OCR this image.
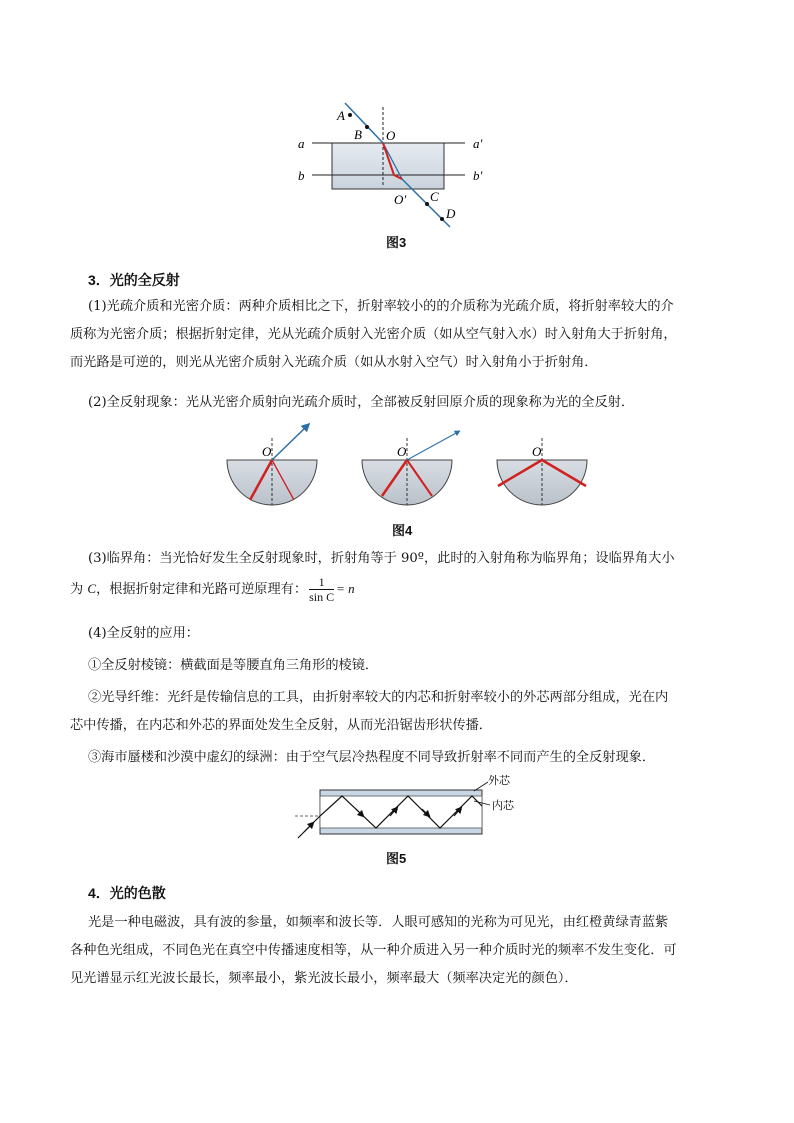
A
B O
a	a′
b	b′
O′ C
D
图3
3．光的全反射
(1)光疏介质和光密介质：两种介质相比之下，折射率较小的的介质称为光疏介质，将折射率较大的介
质称为光密介质；根据折射定律，光从光疏介质射入光密介质（如从空气射入水）时入射角大于折射角，
而光路是可逆的，则光从光密介质射入光疏介质（如从水射入空气）时入射角小于折射角．
(2)全反射现象：光从光密介质射向光疏介质时，全部被反射回原介质的现象称为光的全反射．
O	O	O
图4
(3)临界角：当光恰好发生全反射现象时，折射角等于 90º，此时的入射角称为临界角；设临界角大小
为 C，根据折射定律和光路可逆原理有： $\frac{1}{\text{sin C}} = n$
(4)全反射的应用：
①全反射棱镜：横截面是等腰直角三角形的棱镜．
②光导纤维：光纤是传输信息的工具，由折射率较大的内芯和折射率较小的外芯两部分组成，光在内
芯中传播，在内芯和外芯的界面处发生全反射，从而光沿锯齿形状传播．
③海市蜃楼和沙漠中虚幻的绿洲：由于空气层冷热程度不同导致折射率不同而产生的全反射现象．
外芯
内芯
图5
4．光的色散
光是一种电磁波，具有波的参量，如频率和波长等．人眼可感知的光称为可见光，由红橙黄绿青蓝紫
各种色光组成，不同色光在真空中传播速度相等，从一种介质进入另一种介质时光的频率不发生变化．可
见光谱显示红光波长最长，频率最小，紫光波长最小，频率最大（频率决定光的颜色）．
